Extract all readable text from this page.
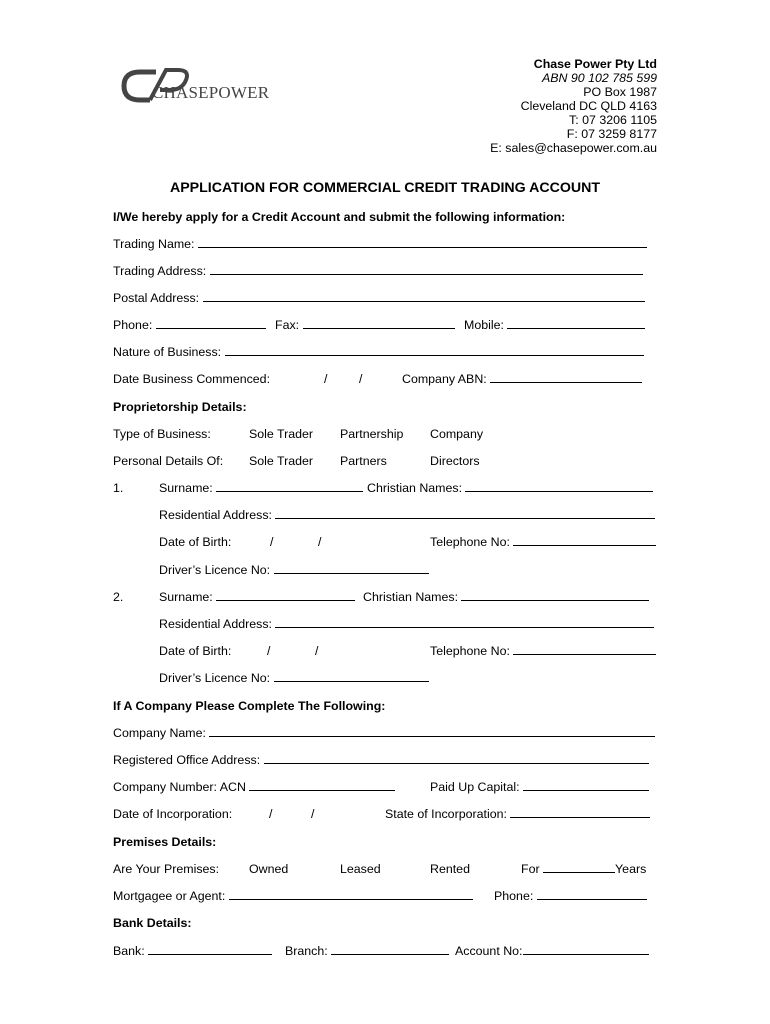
CHASEPOWER
Chase Power Pty Ltd
ABN 90 102 785 599
PO Box 1987
Cleveland DC QLD 4163
T: 07 3206 1105
F: 07 3259 8177
E: sales@chasepower.com.au
APPLICATION FOR COMMERCIAL CREDIT TRADING ACCOUNT
I/We hereby apply for a Credit Account and submit the following information:
Trading Name:
Trading Address:
Postal Address:
Phone:	Fax:	Mobile:
Nature of Business:
Date Business Commenced:	/	/	Company ABN:
Proprietorship Details:
Type of Business:	Sole Trader Partnership Company
Personal Details Of: Sole Trader Partners	Directors
1.	Surname:	Christian Names:
Residential Address:
Date of Birth:	/	/	Telephone No:
Driver’s Licence No:
2.	Surname:	Christian Names:
Residential Address:
Date of Birth:	/	/	Telephone No:
Driver’s Licence No:
If A Company Please Complete The Following:
Company Name:
Registered Office Address:
Company Number: ACN	Paid Up Capital:
Date of Incorporation:	/	/	State of Incorporation:
Premises Details:
Are Your Premises: Owned	Leased	Rented	For	Years
Mortgagee or Agent:	Phone:
Bank Details:
Bank:	Branch:	Account No:
